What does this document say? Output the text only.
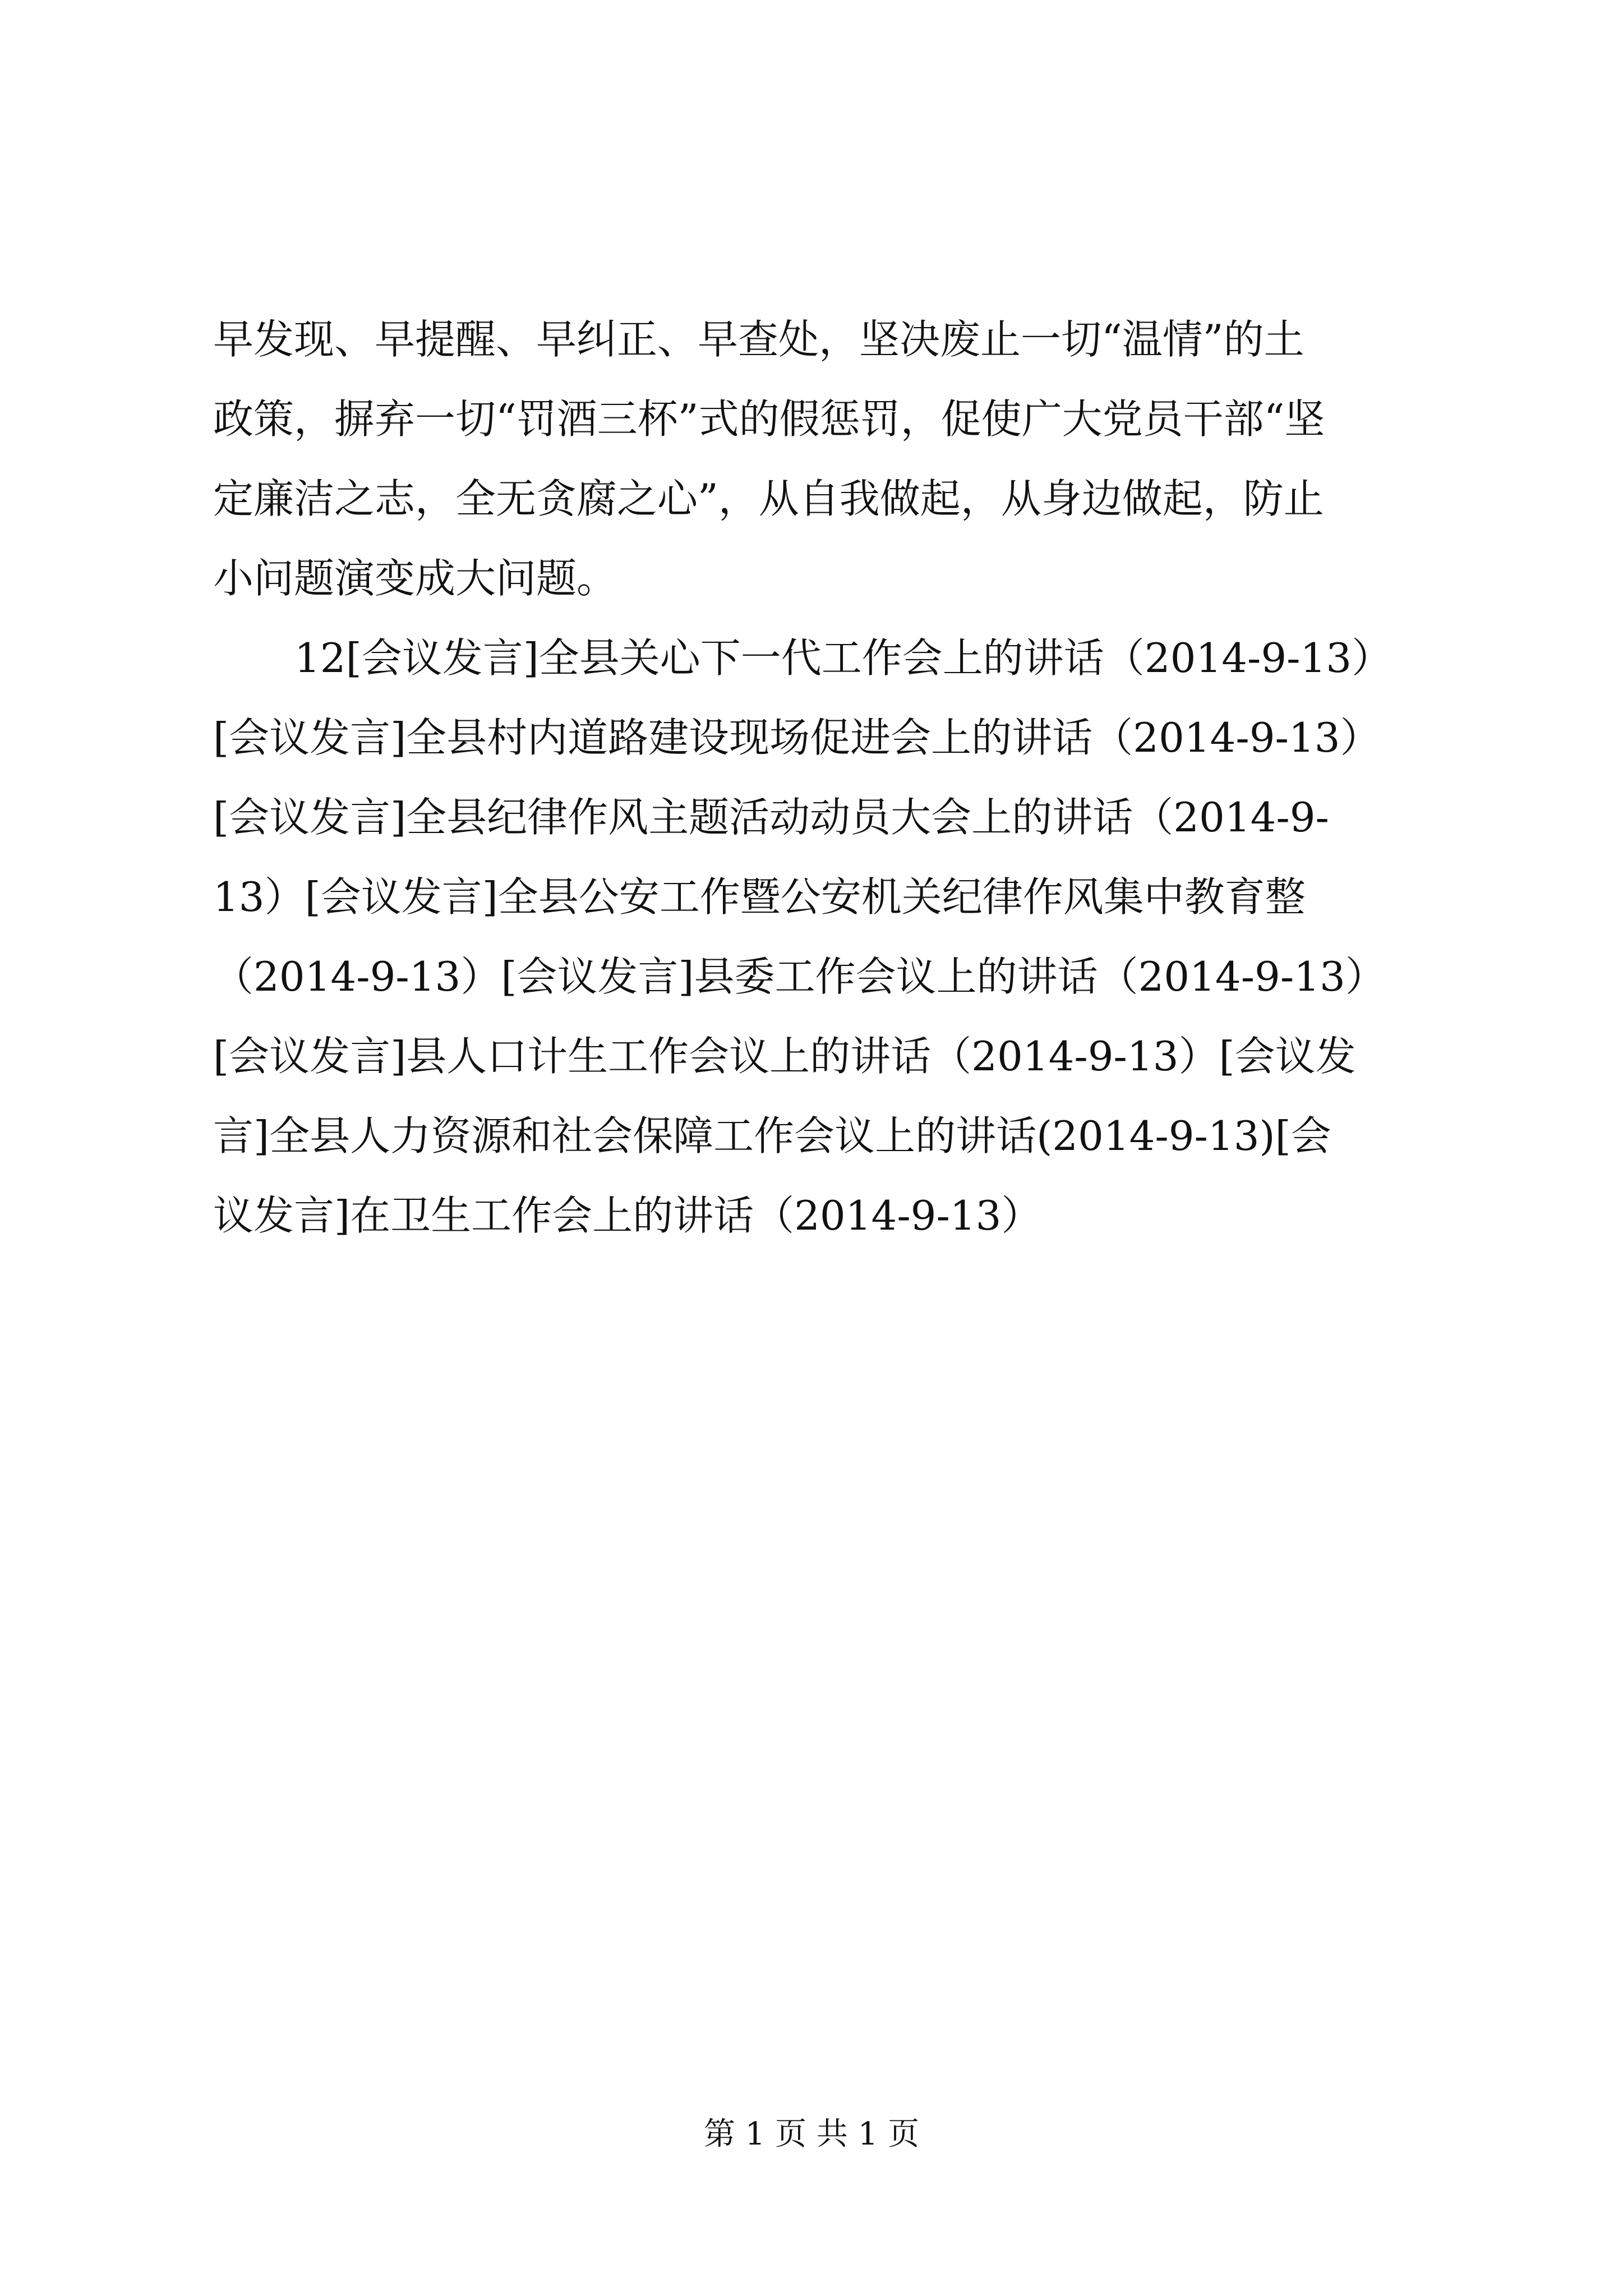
早发现、早提醒、早纠正、早查处，坚决废止一切“温情”的土
政策，摒弃一切“罚酒三杯”式的假惩罚，促使广大党员干部“坚
定廉洁之志，全无贪腐之心”，从自我做起，从身边做起，防止
小问题演变成大问题。
12[会议发言]全县关心下一代工作会上的讲话（2014-9-13）
[会议发言]全县村内道路建设现场促进会上的讲话（2014-9-13）
[会议发言]全县纪律作风主题活动动员大会上的讲话（2014-9-
13）[会议发言]全县公安工作暨公安机关纪律作风集中教育整
（2014-9-13）[会议发言]县委工作会议上的讲话（2014-9-13）
[会议发言]县人口计生工作会议上的讲话（2014-9-13）[会议发
言]全县人力资源和社会保障工作会议上的讲话(2014-9-13)[会
议发言]在卫生工作会上的讲话（2014-9-13）
第 1 页 共 1 页
